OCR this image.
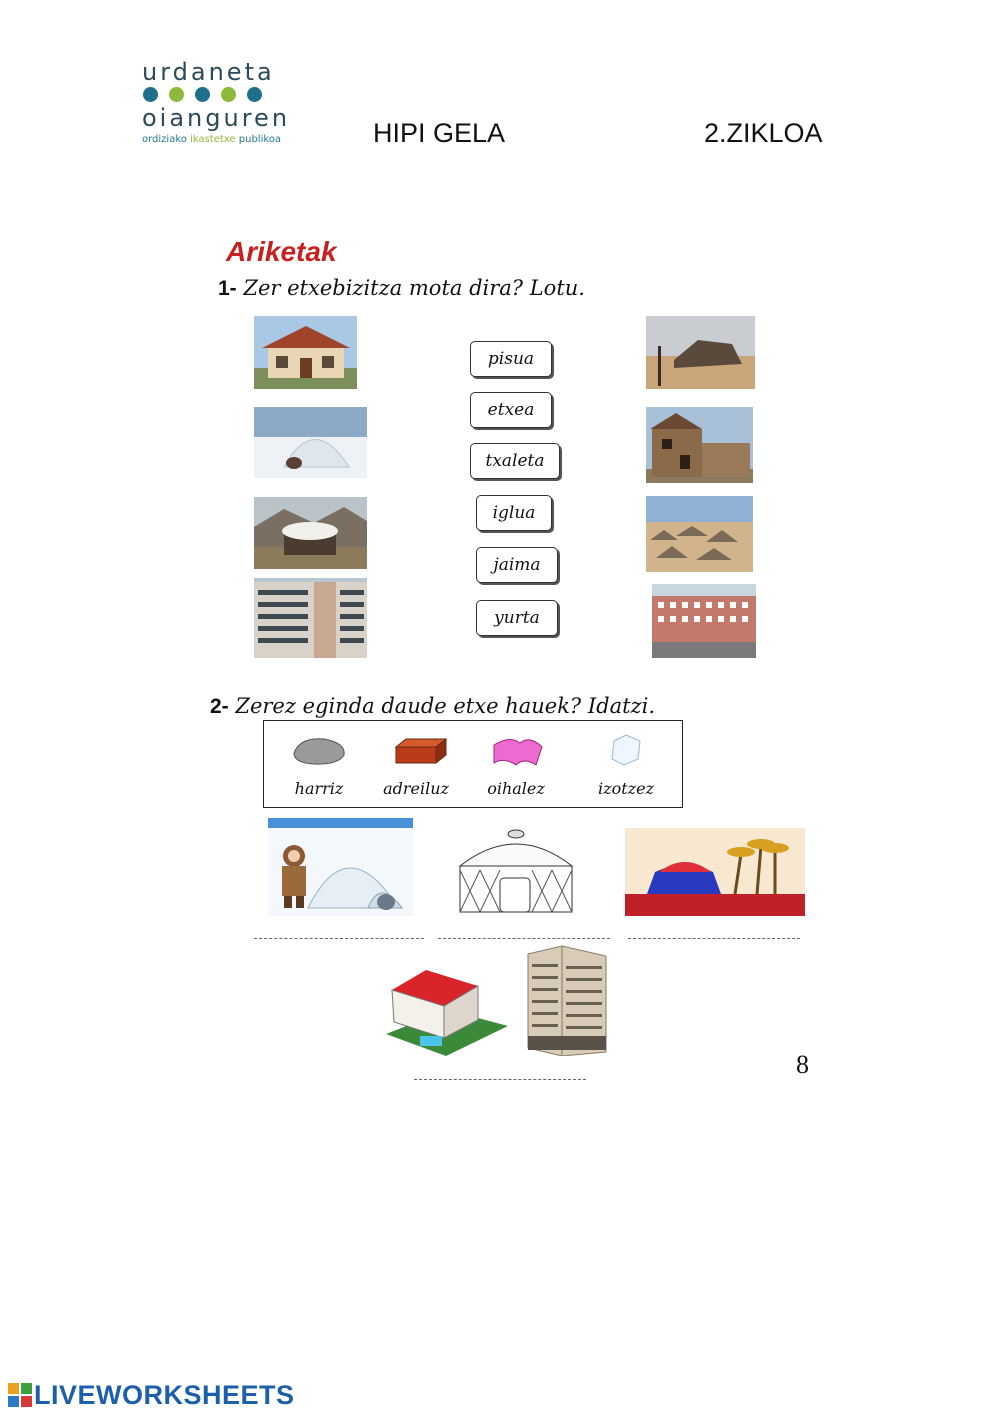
urdaneta
oianguren
ordiziako ikastetxe publikoa	HIPI GELA	2.ZIKLOA
Ariketak
1- Zer etxebizitza mota dira? Lotu.
pisua
etxea
txaleta
iglua
jaima
yurta
2- Zerez eginda daude etxe hauek? Idatzi.
harriz	adreiluz	oihalez	izotzez
8
LIVEWORKSHEETS
